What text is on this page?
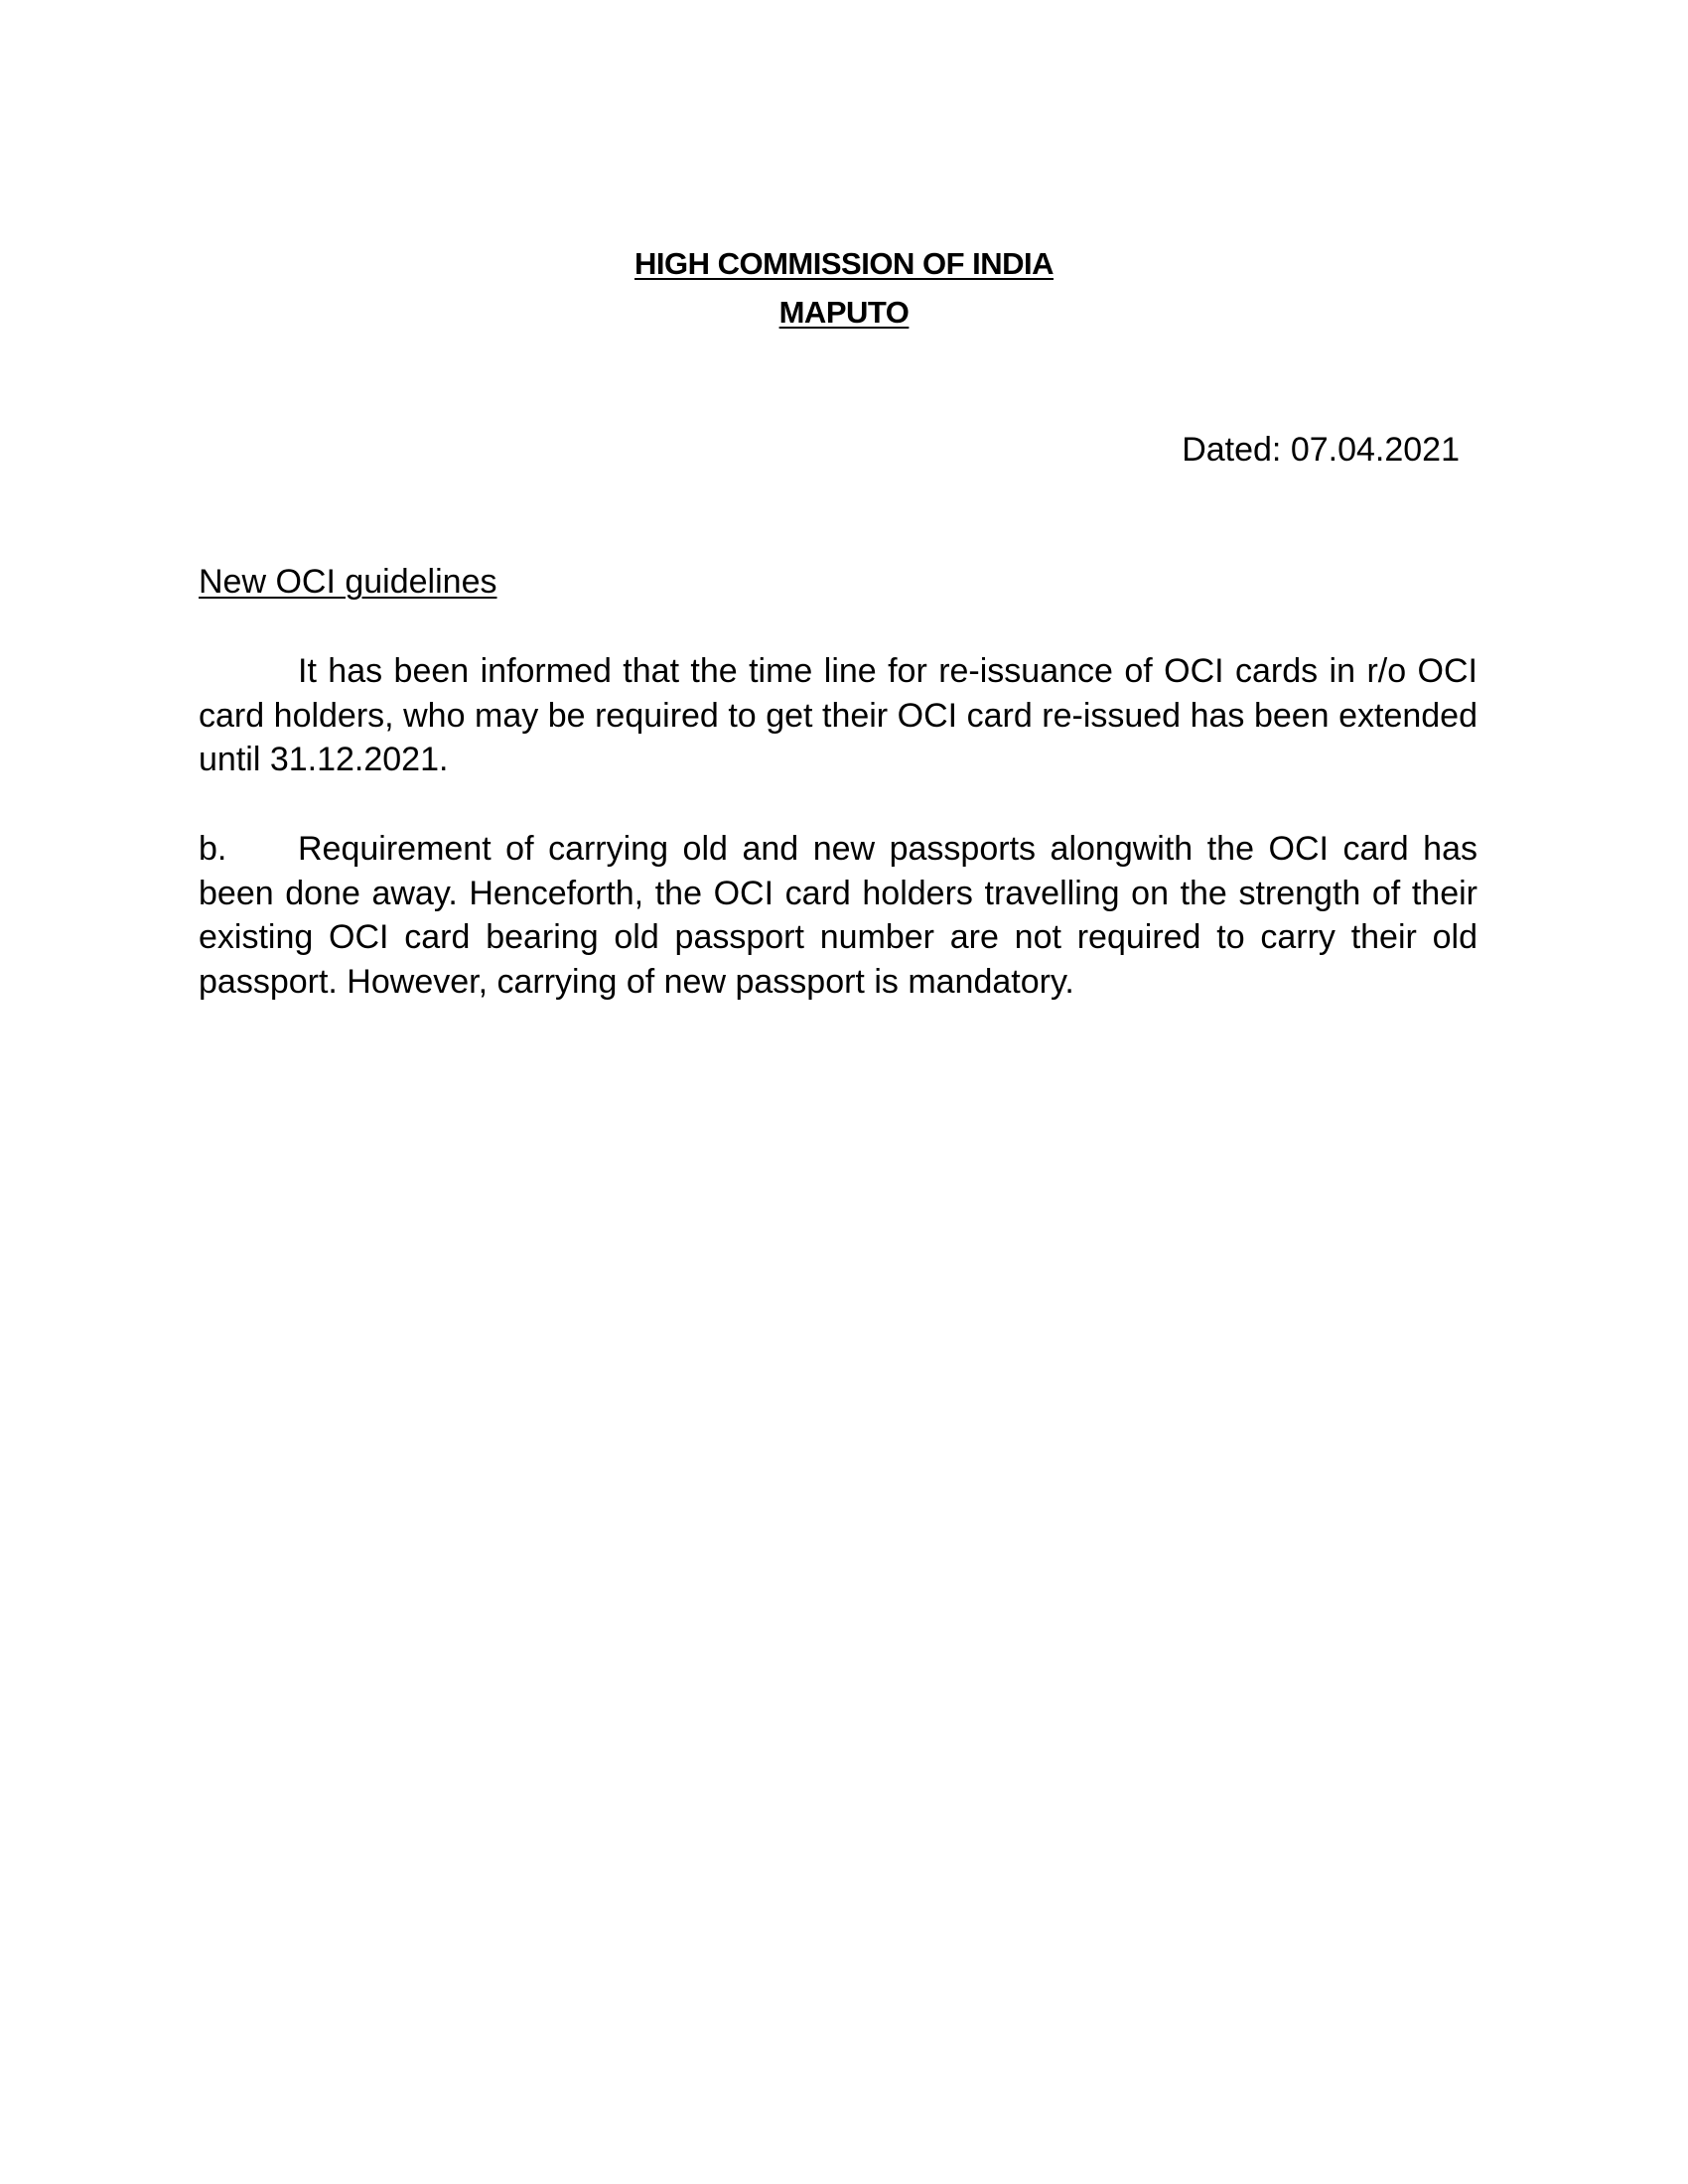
HIGH COMMISSION OF INDIA
MAPUTO
Dated: 07.04.2021
New OCI guidelines
It has been informed that the time line for re-issuance of OCI cards in r/o OCI card holders, who may be required to get their OCI card re-issued has been extended until 31.12.2021.
b. Requirement of carrying old and new passports alongwith the OCI card has been done away. Henceforth, the OCI card holders travelling on the strength of their existing OCI card bearing old passport number are not required to carry their old passport. However, carrying of new passport is mandatory.
